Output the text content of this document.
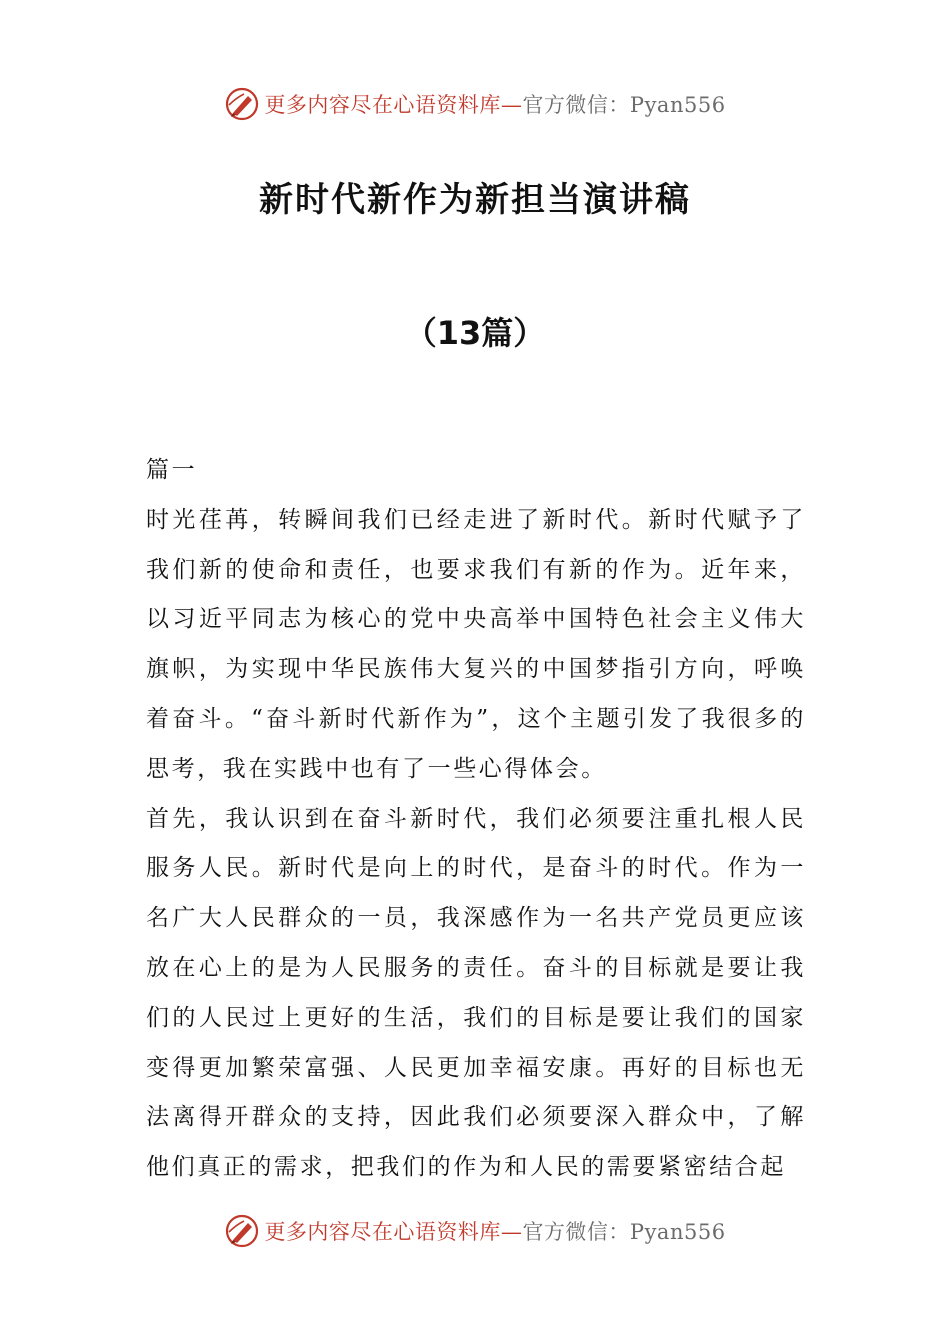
更多内容尽在心语资料库—官方微信：Pyan556
新时代新作为新担当演讲稿
（13篇）

篇一

时光荏苒，转瞬间我们已经走进了新时代。新时代赋予了我们新的使命和责任，也要求我们有新的作为。近年来，以习近平同志为核心的党中央高举中国特色社会主义伟大旗帜，为实现中华民族伟大复兴的中国梦指引方向，呼唤着奋斗。“奋斗新时代新作为”，这个主题引发了我很多的思考，我在实践中也有了一些心得体会。

首先，我认识到在奋斗新时代，我们必须要注重扎根人民服务人民。新时代是向上的时代，是奋斗的时代。作为一名广大人民群众的一员，我深感作为一名共产党员更应该放在心上的是为人民服务的责任。奋斗的目标就是要让我们的人民过上更好的生活，我们的目标是要让我们的国家变得更加繁荣富强、人民更加幸福安康。再好的目标也无法离得开群众的支持，因此我们必须要深入群众中，了解他们真正的需求，把我们的作为和人民的需要紧密结合起

更多内容尽在心语资料库—官方微信：Pyan556
